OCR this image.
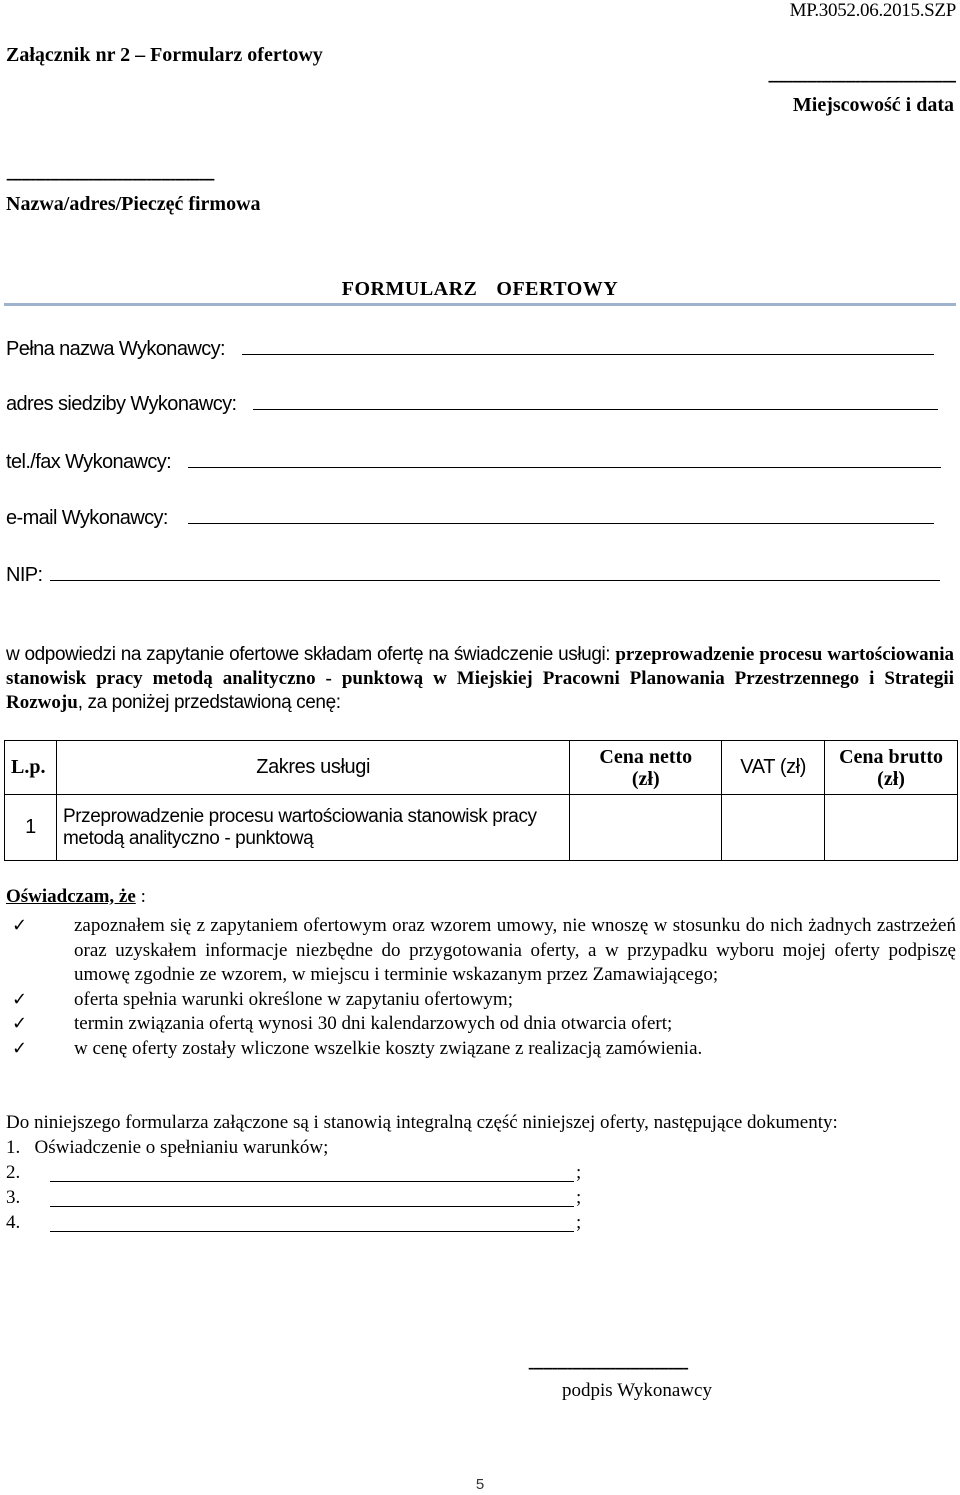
MP.3052.06.2015.SZP
Załącznik nr 2 – Formularz ofertowy
---------------------------------------
Miejscowość i data
-------------------------------------------
Nazwa/adres/Pieczęć firmowa
FORMULARZ  OFERTOWY
Pełna nazwa Wykonawcy:
adres siedziby Wykonawcy:
tel./fax Wykonawcy:
e-mail Wykonawcy:
NIP:
w odpowiedzi na zapytanie ofertowe składam ofertę na świadczenie usługi: przeprowadzenie procesu wartościowania stanowisk pracy metodą analityczno - punktową w Miejskiej Pracowni Planowania Przestrzennego i Strategii Rozwoju, za poniżej przedstawioną cenę:
L.p.	Zakres usługi	Cena netto (zł)	VAT (zł)	Cena brutto (zł)
1	Przeprowadzenie procesu wartościowania stanowisk pracy metodą analityczno - punktową			
Oświadczam, że :
✓ zapoznałem się z zapytaniem ofertowym oraz wzorem umowy, nie wnoszę w stosunku do nich żadnych zastrzeżeń oraz uzyskałem informacje niezbędne do przygotowania oferty, a w przypadku wyboru mojej oferty podpiszę umowę zgodnie ze wzorem, w miejscu i terminie wskazanym przez Zamawiającego;
✓ oferta spełnia warunki określone w zapytaniu ofertowym;
✓ termin związania ofertą wynosi 30 dni kalendarzowych od dnia otwarcia ofert;
✓ w cenę oferty zostały wliczone wszelkie koszty związane z realizacją zamówienia.
Do niniejszego formularza załączone są i stanowią integralną część niniejszej oferty, następujące dokumenty:
1. Oświadczenie o spełnianiu warunków;
2.	;
3.	;
4.	;
---------------------------------
podpis Wykonawcy
5
